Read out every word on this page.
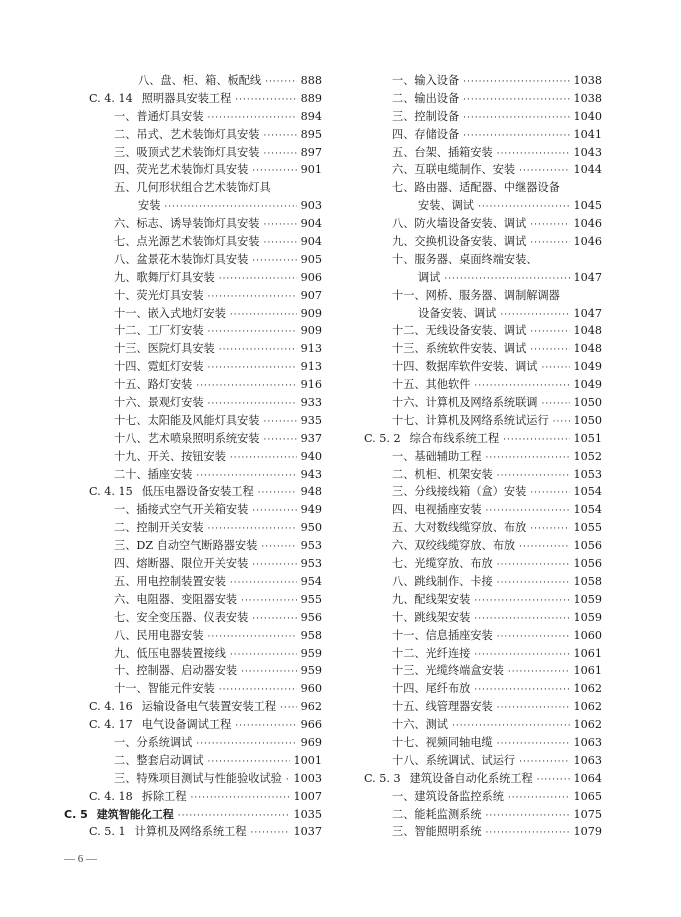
八、盘、柜、箱、板配线 ·····	888
C. 4. 14 照明器具安装工程 ·····	889
一、普通灯具安装 ·····	894
二、吊式、艺术装饰灯具安装 ·····	895
三、吸顶式艺术装饰灯具安装 ·····	897
四、荧光艺术装饰灯具安装 ·····	901
五、几何形状组合艺术装饰灯具
安装 ·····	903
六、标志、诱导装饰灯具安装 ·····	904
七、点光源艺术装饰灯具安装 ·····	904
八、盆景花木装饰灯具安装 ·····	905
九、歌舞厅灯具安装 ·····	906
十、荧光灯具安装 ·····	907
十一、嵌入式地灯安装 ·····	909
十二、工厂灯安装 ·····	909
十三、医院灯具安装 ·····	913
十四、霓虹灯安装 ·····	913
十五、路灯安装 ·····	916
十六、景观灯安装 ·····	933
十七、太阳能及风能灯具安装 ·····	935
十八、艺术喷泉照明系统安装 ·····	937
十九、开关、按钮安装 ·····	940
二十、插座安装 ·····	943
C. 4. 15 低压电器设备安装工程 ·····	948
一、插接式空气开关箱安装 ·····	949
二、控制开关安装 ·····	950
三、DZ 自动空气断路器安装 ·····	953
四、熔断器、限位开关安装 ·····	953
五、用电控制装置安装 ·····	954
六、电阻器、变阻器安装 ·····	955
七、安全变压器、仪表安装 ·····	956
八、民用电器安装 ·····	958
九、低压电器装置接线 ·····	959
十、控制器、启动器安装 ·····	959
十一、智能元件安装 ·····	960
C. 4. 16 运输设备电气装置安装工程 ····· 962
C. 4. 17 电气设备调试工程 ·····	966
一、分系统调试 ·····	969
二、整套启动调试 ·····	1001
三、特殊项目测试与性能验收试验 ····· 1003
C. 4. 18 拆除工程 ·····	1007
C. 5 建筑智能化工程 ·····	1035
C. 5. 1 计算机及网络系统工程 ·····	1037
一、输入设备 ·····	1038
二、输出设备 ·····	1038
三、控制设备 ·····	1040
四、存储设备 ·····	1041
五、台架、插箱安装 ·····	1043
六、互联电缆制作、安装 ·····	1044
七、路由器、适配器、中继器设备
安装、调试 ·····	1045
八、防火墙设备安装、调试 ·····	1046
九、交换机设备安装、调试 ·····	1046
十、服务器、桌面终端安装、
调试 ·····	1047
十一、网桥、服务器、调制解调器
设备安装、调试 ·····	1047
十二、无线设备安装、调试 ·····	1048
十三、系统软件安装、调试 ·····	1048
十四、数据库软件安装、调试 ·····	1049
十五、其他软件 ·····	1049
十六、计算机及网络系统联调 ·····	1050
十七、计算机及网络系统试运行 ····· 1050
C. 5. 2 综合布线系统工程 ·····	1051
一、基础辅助工程 ·····	1052
二、机柜、机架安装 ·····	1053
三、分线接线箱（盒）安装 ·····	1054
四、电视插座安装 ·····	1054
五、大对数线缆穿放、布放 ·····	1055
六、双绞线缆穿放、布放 ·····	1056
七、光缆穿放、布放 ·····	1056
八、跳线制作、卡接 ·····	1058
九、配线架安装 ·····	1059
十、跳线架安装 ·····	1059
十一、信息插座安装 ·····	1060
十二、光纤连接 ·····	1061
十三、光缆终端盒安装 ·····	1061
十四、尾纤布放 ·····	1062
十五、线管理器安装 ·····	1062
十六、测试 ·····	1062
十七、视频同轴电缆 ·····	1063
十八、系统调试、试运行 ·····	1063
C. 5. 3 建筑设备自动化系统工程 ·····	1064
一、建筑设备监控系统 ·····	1065
二、能耗监测系统 ·····	1075
三、智能照明系统 ·····	1079
— 6 —
